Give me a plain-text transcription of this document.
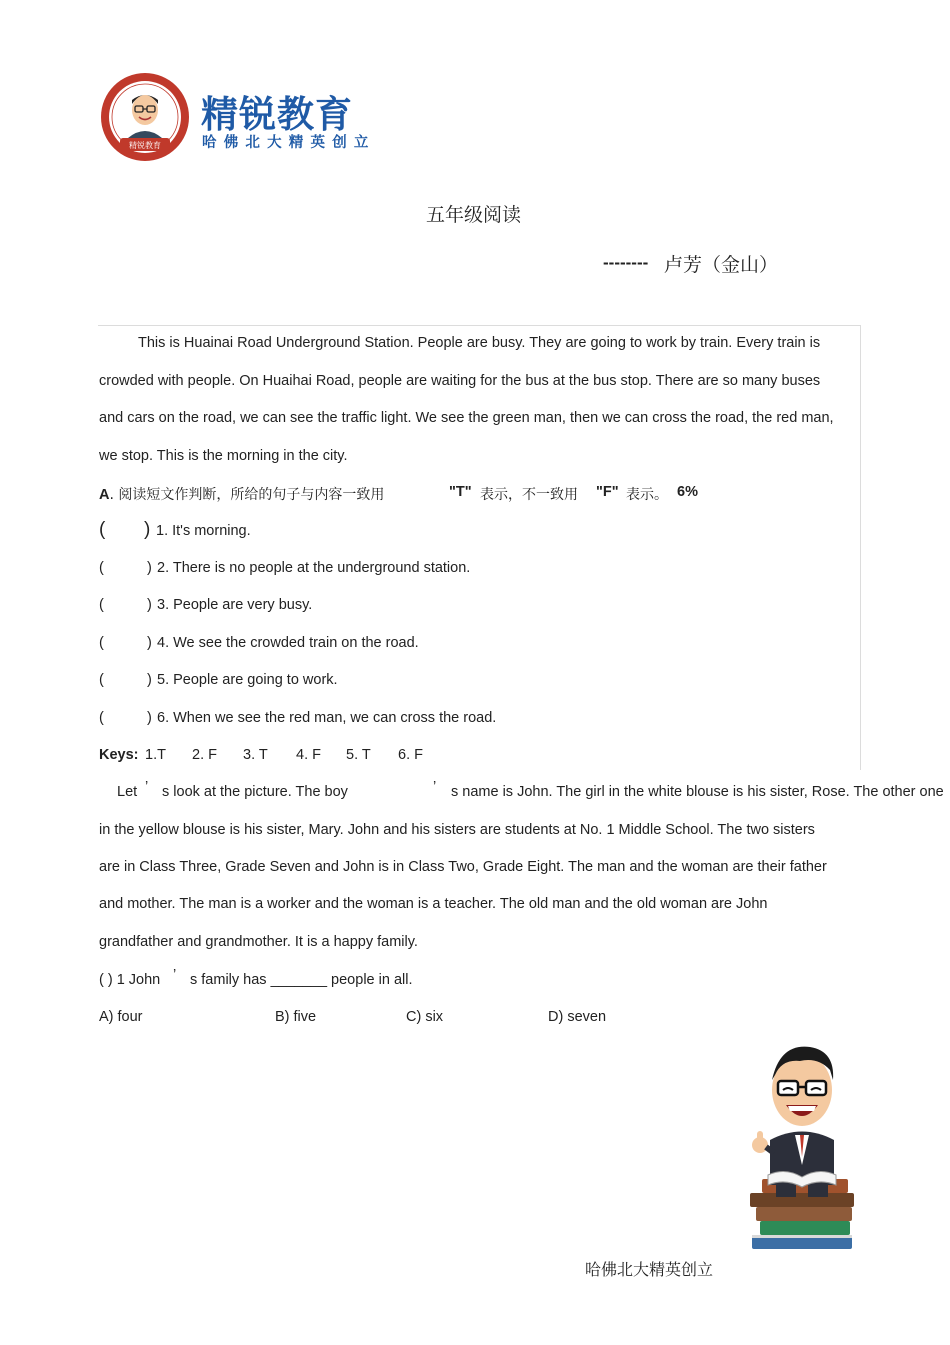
精锐教育
精锐教育
哈佛北大精英创立
五年级阅读
-------- 卢芳（金山）
This is Huainai Road Underground Station. People are busy. They are going to work by train. Every train is
crowded with people. On Huaihai Road, people are waiting for the bus at the bus stop. There are so many buses
and cars on the road, we can see the traffic light. We see the green man, then we can cross the road, the red man,
we stop. This is the morning in the city.
A. 阅读短文作判断，所给的句子与内容一致用	"T" 表示，不一致用 "F" 表示。 6%
( ) 1. It's morning.
(	) 2. There is no people at the underground station.
(	) 3. People are very busy.
(	) 4. We see the crowded train on the road.
(	) 5. People are going to work.
(	) 6. When we see the red man, we can cross the road.
Keys: 1.T 2. F 3. T 4. F 5. T 6. F
Let ’ s look at the picture. The boy	’ s name is John. The girl in the white blouse is his sister, Rose. The other one
in the yellow blouse is his sister, Mary. John and his sisters are students at No. 1 Middle School. The two sisters
are in Class Three, Grade Seven and John is in Class Two, Grade Eight. The man and the woman are their father
and mother. The man is a worker and the woman is a teacher. The old man and the old woman are John
grandfather and grandmother. It is a happy family.
( ) 1 John ’ s family has _______ people in all.
A) four	B) five	C) six	D) seven
哈佛北大精英创立
